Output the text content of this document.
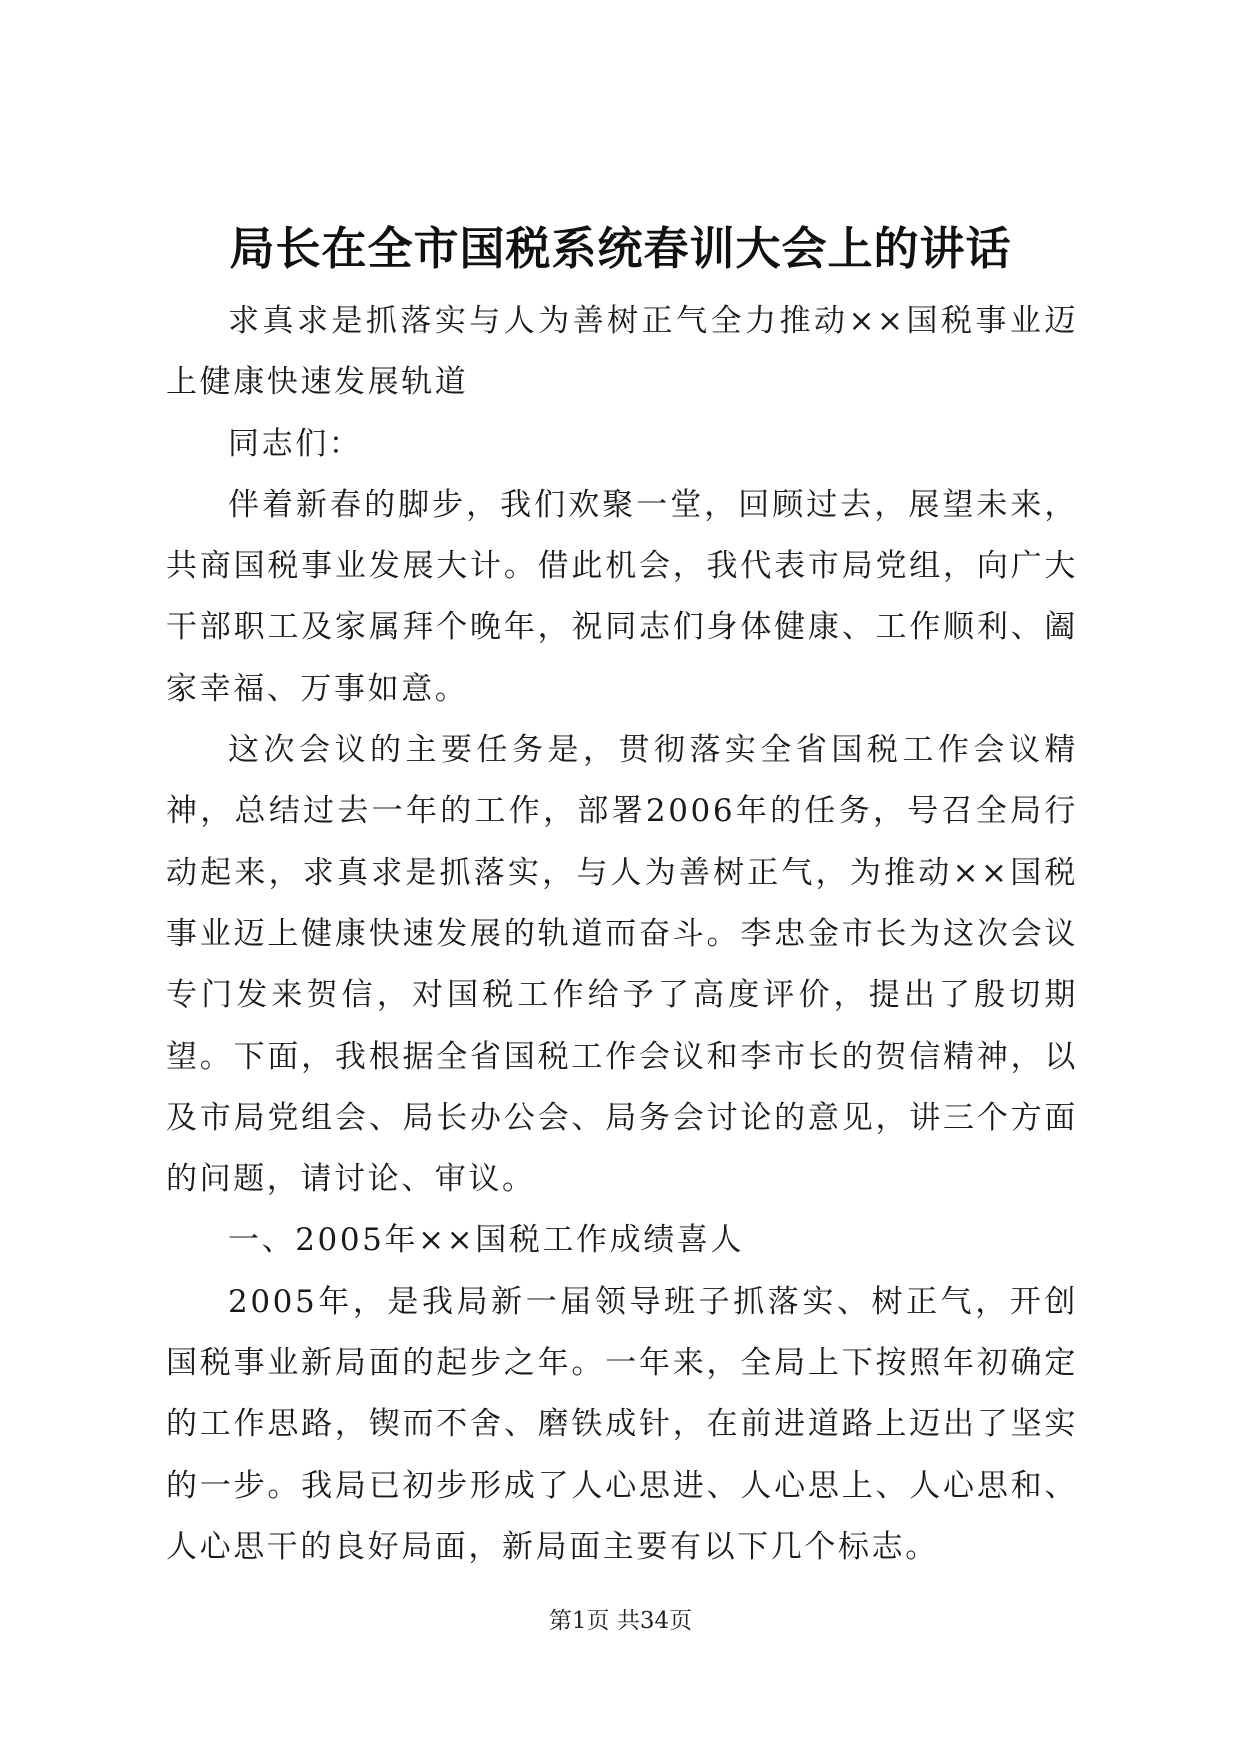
局长在全市国税系统春训大会上的讲话

求真求是抓落实与人为善树正气全力推动××国税事业迈上健康快速发展轨道

同志们：

伴着新春的脚步，我们欢聚一堂，回顾过去，展望未来，共商国税事业发展大计。借此机会，我代表市局党组，向广大干部职工及家属拜个晚年，祝同志们身体健康、工作顺利、阖家幸福、万事如意。

这次会议的主要任务是，贯彻落实全省国税工作会议精神，总结过去一年的工作，部署2006年的任务，号召全局行动起来，求真求是抓落实，与人为善树正气，为推动××国税事业迈上健康快速发展的轨道而奋斗。李忠金市长为这次会议专门发来贺信，对国税工作给予了高度评价，提出了殷切期望。下面，我根据全省国税工作会议和李市长的贺信精神，以及市局党组会、局长办公会、局务会讨论的意见，讲三个方面的问题，请讨论、审议。

一、2005年××国税工作成绩喜人

2005年，是我局新一届领导班子抓落实、树正气，开创国税事业新局面的起步之年。一年来，全局上下按照年初确定的工作思路，锲而不舍、磨铁成针，在前进道路上迈出了坚实的一步。我局已初步形成了人心思进、人心思上、人心思和、人心思干的良好局面，新局面主要有以下几个标志。

第1页 共34页
